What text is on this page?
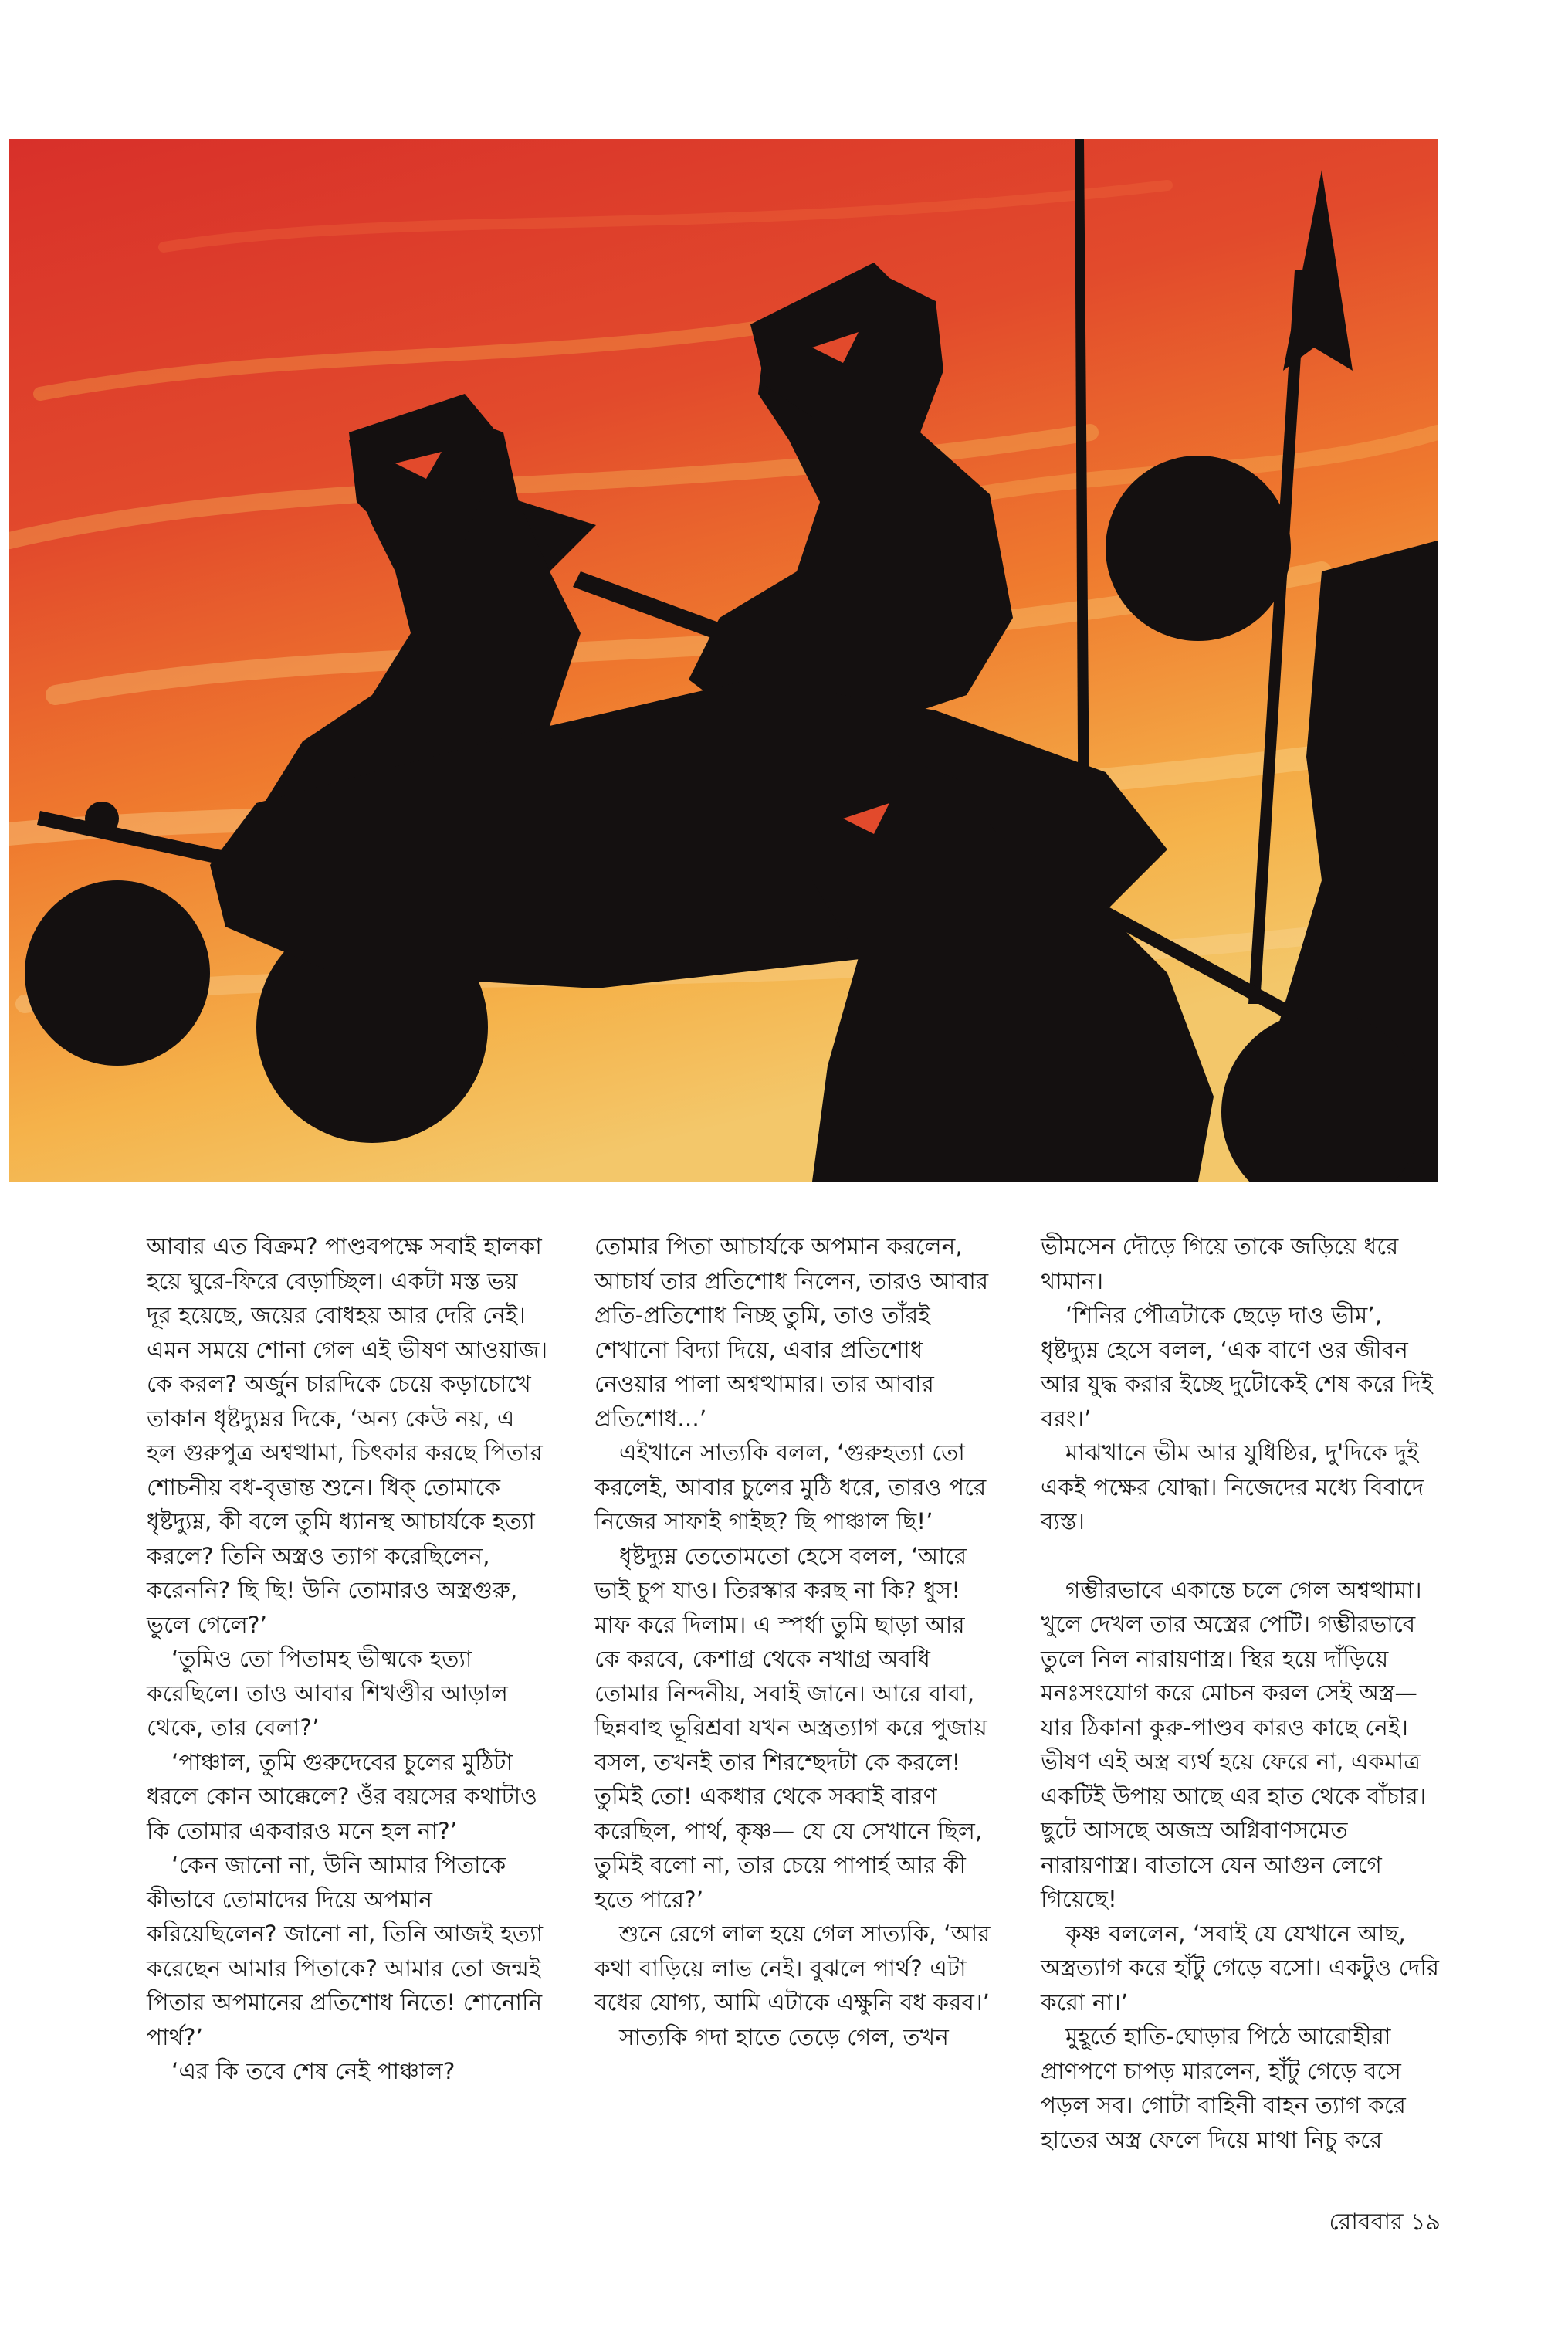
আবার এত বিক্রম? পাণ্ডবপক্ষে সবাই হালকা হয়ে ঘুরে-ফিরে বেড়াচ্ছিল। একটা মস্ত ভয় দূর হয়েছে, জয়ের বোধহয় আর দেরি নেই। এমন সময়ে শোনা গেল এই ভীষণ আওয়াজ। কে করল? অর্জুন চারদিকে চেয়ে কড়াচোখে তাকান ধৃষ্টদ্যুম্নর দিকে, ‘অন্য কেউ নয়, এ হল গুরুপুত্র অশ্বত্থামা, চিৎকার করছে পিতার শোচনীয় বধ-বৃত্তান্ত শুনে। ধিক্ তোমাকে ধৃষ্টদ্যুম্ন, কী বলে তুমি ধ্যানস্থ আচার্যকে হত্যা করলে? তিনি অস্ত্রও ত্যাগ করেছিলেন, করেননি? ছি ছি! উনি তোমারও অস্ত্রগুরু, ভুলে গেলে?’

‘তুমিও তো পিতামহ ভীষ্মকে হত্যা করেছিলে। তাও আবার শিখণ্ডীর আড়াল থেকে, তার বেলা?’

‘পাঞ্চাল, তুমি গুরুদেবের চুলের মুঠিটা ধরলে কোন আক্কেলে? ওঁর বয়সের কথাটাও কি তোমার একবারও মনে হল না?’

‘কেন জানো না, উনি আমার পিতাকে কীভাবে তোমাদের দিয়ে অপমান করিয়েছিলেন? জানো না, তিনি আজই হত্যা করেছেন আমার পিতাকে? আমার তো জন্মই পিতার অপমানের প্রতিশোধ নিতে! শোনোনি পার্থ?’

‘এর কি তবে শেষ নেই পাঞ্চাল?

তোমার পিতা আচার্যকে অপমান করলেন, আচার্য তার প্রতিশোধ নিলেন, তারও আবার প্রতি-প্রতিশোধ নিচ্ছ তুমি, তাও তাঁরই শেখানো বিদ্যা দিয়ে, এবার প্রতিশোধ নেওয়ার পালা অশ্বত্থামার। তার আবার প্রতিশোধ...’

এইখানে সাত্যকি বলল, ‘গুরুহত্যা তো করলেই, আবার চুলের মুঠি ধরে, তারও পরে নিজের সাফাই গাইছ? ছি পাঞ্চাল ছি!’

ধৃষ্টদ্যুম্ন তেতোমতো হেসে বলল, ‘আরে ভাই চুপ যাও। তিরস্কার করছ না কি? ধুস! মাফ করে দিলাম। এ স্পর্ধা তুমি ছাড়া আর কে করবে, কেশাগ্র থেকে নখাগ্র অবধি তোমার নিন্দনীয়, সবাই জানে। আরে বাবা, ছিন্নবাহু ভূরিশ্রবা যখন অস্ত্রত্যাগ করে পুজায় বসল, তখনই তার শিরশ্ছেদটা কে করলে! তুমিই তো! একধার থেকে সব্বাই বারণ করেছিল, পার্থ, কৃষ্ণ— যে যে সেখানে ছিল, তুমিই বলো না, তার চেয়ে পাপার্হ আর কী হতে পারে?’

শুনে রেগে লাল হয়ে গেল সাত্যকি, ‘আর কথা বাড়িয়ে লাভ নেই। বুঝলে পার্থ? এটা বধের যোগ্য, আমি এটাকে এক্ষুনি বধ করব।’

সাত্যকি গদা হাতে তেড়ে গেল, তখন

ভীমসেন দৌড়ে গিয়ে তাকে জড়িয়ে ধরে থামান।

‘শিনির পৌত্রটাকে ছেড়ে দাও ভীম’, ধৃষ্টদ্যুম্ন হেসে বলল, ‘এক বাণে ওর জীবন আর যুদ্ধ করার ইচ্ছে দুটোকেই শেষ করে দিই বরং।’

মাঝখানে ভীম আর যুধিষ্ঠির, দু'দিকে দুই একই পক্ষের যোদ্ধা। নিজেদের মধ্যে বিবাদে ব্যস্ত।

গম্ভীরভাবে একান্তে চলে গেল অশ্বত্থামা। খুলে দেখল তার অস্ত্রের পেটি। গম্ভীরভাবে তুলে নিল নারায়ণাস্ত্র। স্থির হয়ে দাঁড়িয়ে মনঃসংযোগ করে মোচন করল সেই অস্ত্র— যার ঠিকানা কুরু-পাণ্ডব কারও কাছে নেই। ভীষণ এই অস্ত্র ব্যর্থ হয়ে ফেরে না, একমাত্র একটিই উপায় আছে এর হাত থেকে বাঁচার। ছুটে আসছে অজস্র অগ্নিবাণসমেত নারায়ণাস্ত্র। বাতাসে যেন আগুন লেগে গিয়েছে!

কৃষ্ণ বললেন, ‘সবাই যে যেখানে আছ, অস্ত্রত্যাগ করে হাঁটু গেড়ে বসো। একটুও দেরি করো না।’

মুহূর্তে হাতি-ঘোড়ার পিঠে আরোহীরা প্রাণপণে চাপড় মারলেন, হাঁটু গেড়ে বসে পড়ল সব। গোটা বাহিনী বাহন ত্যাগ করে হাতের অস্ত্র ফেলে দিয়ে মাথা নিচু করে

রোববার ১৯
